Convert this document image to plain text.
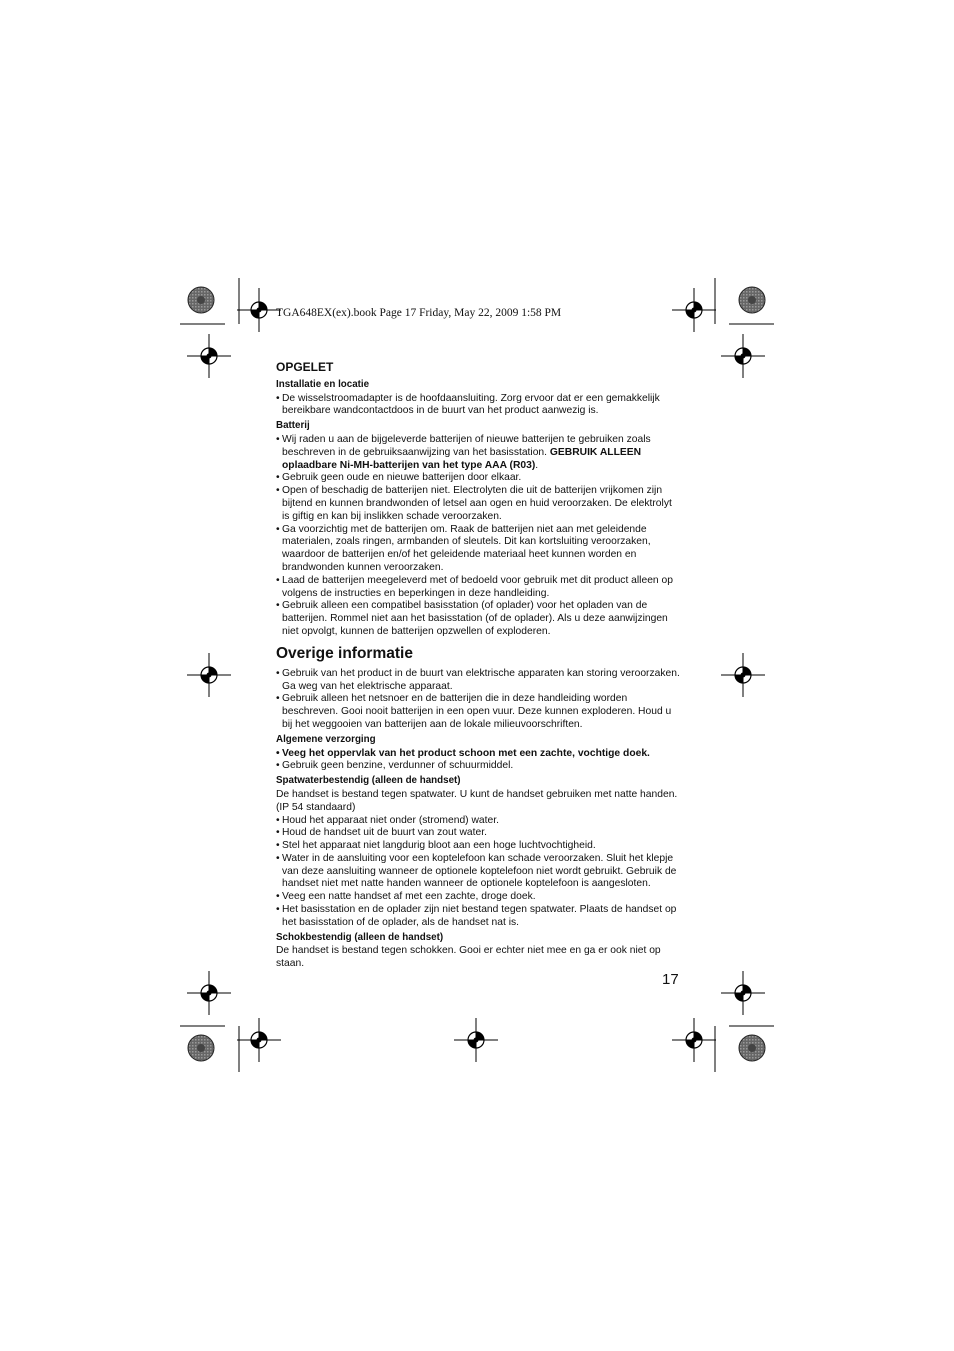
TGA648EX(ex).book Page 17 Friday, May 22, 2009 1:58 PM
OPGELET
Installatie en locatie
• De wisselstroomadapter is de hoofdaansluiting. Zorg ervoor dat er een gemakkelijk bereikbare wandcontactdoos in de buurt van het product aanwezig is.
Batterij
• Wij raden u aan de bijgeleverde batterijen of nieuwe batterijen te gebruiken zoals beschreven in de gebruiksaanwijzing van het basisstation. GEBRUIK ALLEEN oplaadbare Ni-MH-batterijen van het type AAA (R03).
• Gebruik geen oude en nieuwe batterijen door elkaar.
• Open of beschadig de batterijen niet. Electrolyten die uit de batterijen vrijkomen zijn bijtend en kunnen brandwonden of letsel aan ogen en huid veroorzaken. De elektrolyt is giftig en kan bij inslikken schade veroorzaken.
• Ga voorzichtig met de batterijen om. Raak de batterijen niet aan met geleidende materialen, zoals ringen, armbanden of sleutels. Dit kan kortsluiting veroorzaken, waardoor de batterijen en/of het geleidende materiaal heet kunnen worden en brandwonden kunnen veroorzaken.
• Laad de batterijen meegeleverd met of bedoeld voor gebruik met dit product alleen op volgens de instructies en beperkingen in deze handleiding.
• Gebruik alleen een compatibel basisstation (of oplader) voor het opladen van de batterijen. Rommel niet aan het basisstation (of de oplader). Als u deze aanwijzingen niet opvolgt, kunnen de batterijen opzwellen of exploderen.
Overige informatie
• Gebruik van het product in de buurt van elektrische apparaten kan storing veroorzaken. Ga weg van het elektrische apparaat.
• Gebruik alleen het netsnoer en de batterijen die in deze handleiding worden beschreven. Gooi nooit batterijen in een open vuur. Deze kunnen exploderen. Houd u bij het weggooien van batterijen aan de lokale milieuvoorschriften.
Algemene verzorging
• Veeg het oppervlak van het product schoon met een zachte, vochtige doek.
• Gebruik geen benzine, verdunner of schuurmiddel.
Spatwaterbestendig (alleen de handset)

De handset is bestand tegen spatwater. U kunt de handset gebruiken met natte handen. (IP 54 standaard)

• Houd het apparaat niet onder (stromend) water.
• Houd de handset uit de buurt van zout water.
• Stel het apparaat niet langdurig bloot aan een hoge luchtvochtigheid.
• Water in de aansluiting voor een koptelefoon kan schade veroorzaken. Sluit het klepje van deze aansluiting wanneer de optionele koptelefoon niet wordt gebruikt. Gebruik de handset niet met natte handen wanneer de optionele koptelefoon is aangesloten.
• Veeg een natte handset af met een zachte, droge doek.
• Het basisstation en de oplader zijn niet bestand tegen spatwater. Plaats de handset op het basisstation of de oplader, als de handset nat is.
Schokbestendig (alleen de handset)

De handset is bestand tegen schokken. Gooi er echter niet mee en ga er ook niet op staan.

17
